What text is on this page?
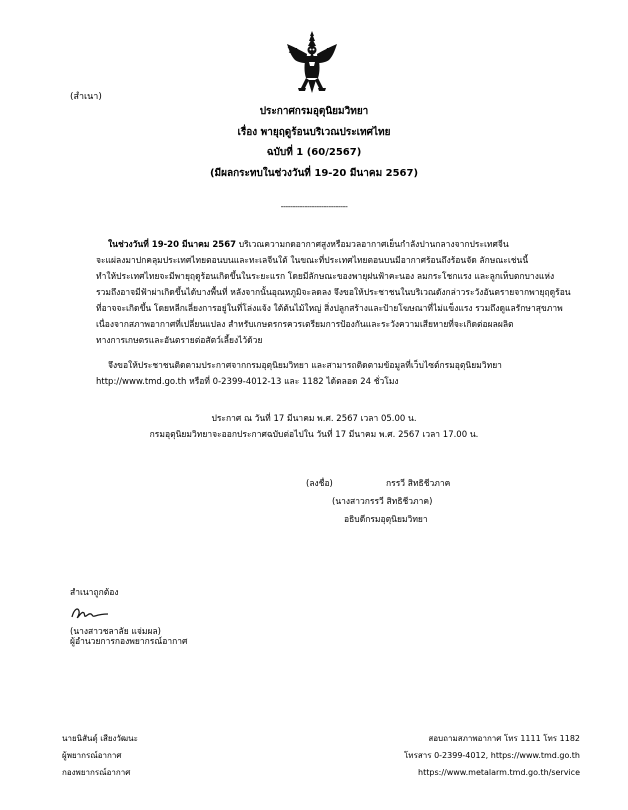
(สำเนา)
ประกาศกรมอุตุนิยมวิทยา
เรื่อง พายุฤดูร้อนบริเวณประเทศไทย
ฉบับที่ 1 (60/2567)
(มีผลกระทบในช่วงวันที่ 19-20 มีนาคม 2567)
----------------------------
ในช่วงวันที่ 19-20 มีนาคม 2567 บริเวณความกดอากาศสูงหรือมวลอากาศเย็นกำลังปานกลางจากประเทศจีน
จะแผ่ลงมาปกคลุมประเทศไทยตอนบนและทะเลจีนใต้ ในขณะที่ประเทศไทยตอนบนมีอากาศร้อนถึงร้อนจัด ลักษณะเช่นนี้
ทำให้ประเทศไทยจะมีพายุฤดูร้อนเกิดขึ้นในระยะแรก โดยมีลักษณะของพายุฝนฟ้าคะนอง ลมกระโชกแรง และลูกเห็บตกบางแห่ง
รวมถึงอาจมีฟ้าผ่าเกิดขึ้นได้บางพื้นที่ หลังจากนั้นอุณหภูมิจะลดลง จึงขอให้ประชาชนในบริเวณดังกล่าวระวังอันตรายจากพายุฤดูร้อน
ที่อาจจะเกิดขึ้น โดยหลีกเลี่ยงการอยู่ในที่โล่งแจ้ง ใต้ต้นไม้ใหญ่ สิ่งปลูกสร้างและป้ายโฆษณาที่ไม่แข็งแรง รวมถึงดูแลรักษาสุขภาพ
เนื่องจากสภาพอากาศที่เปลี่ยนแปลง สำหรับเกษตรกรควรเตรียมการป้องกันและระวังความเสียหายที่จะเกิดต่อผลผลิต
ทางการเกษตรและอันตรายต่อสัตว์เลี้ยงไว้ด้วย
จึงขอให้ประชาชนติดตามประกาศจากกรมอุตุนิยมวิทยา และสามารถติดตามข้อมูลที่เว็บไซต์กรมอุตุนิยมวิทยา
http://www.tmd.go.th หรือที่ 0-2399-4012-13 และ 1182 ได้ตลอด 24 ชั่วโมง
ประกาศ ณ วันที่ 17 มีนาคม พ.ศ. 2567 เวลา 05.00 น.
กรมอุตุนิยมวิทยาจะออกประกาศฉบับต่อไปใน วันที่ 17 มีนาคม พ.ศ. 2567 เวลา 17.00 น.
(ลงชื่อ)	กรรวี สิทธิชีวภาค
(นางสาวกรรวี สิทธิชีวภาค)
อธิบดีกรมอุตุนิยมวิทยา
สำเนาถูกต้อง
(นางสาวชลาลัย แจ่มผล)
ผู้อำนวยการกองพยากรณ์อากาศ
นายนิสันดุ์ เสียงวัฒนะ
ผู้พยากรณ์อากาศ
กองพยากรณ์อากาศ
สอบถามสภาพอากาศ โทร 1111 โทร 1182
โทรสาร 0-2399-4012, https://www.tmd.go.th
https://www.metalarm.tmd.go.th/service
